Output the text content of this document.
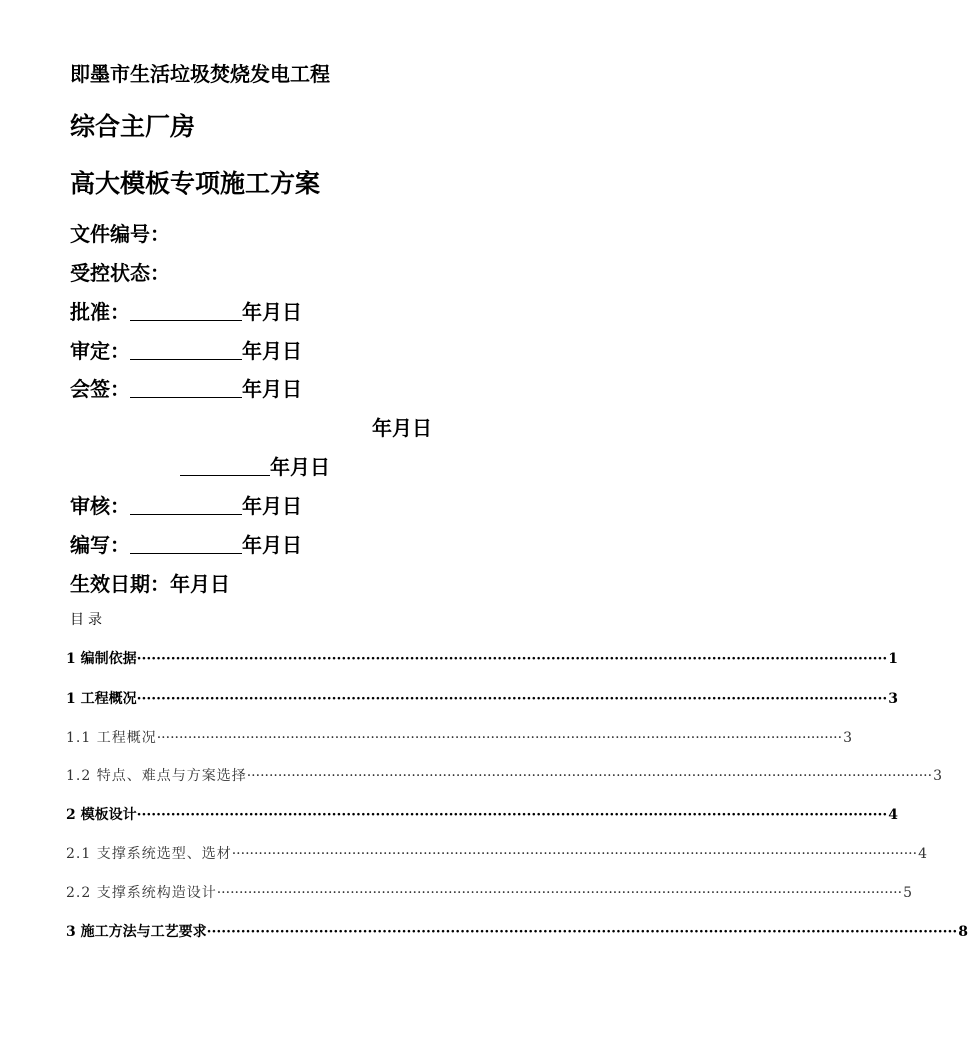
即墨市生活垃圾焚烧发电工程
综合主厂房
高大模板专项施工方案
文件编号：
受控状态：
批准：	年月日
审定：	年月日
会签：	年月日
年月日
年月日
审核：	年月日
编写：	年月日
生效日期：年月日
目录
1 编制依据 ·························································································································································· 1
1 工程概况 ·························································································································································· 3
1.1 工程概况 ·························································································································································· 3
1.2 特点、难点与方案选择 ·························································································································································· 3
2 模板设计 ·························································································································································· 4
2.1 支撑系统选型、选材 ·························································································································································· 4
2.2 支撑系统构造设计 ·························································································································································· 5
3 施工方法与工艺要求 ·························································································································································· 8
